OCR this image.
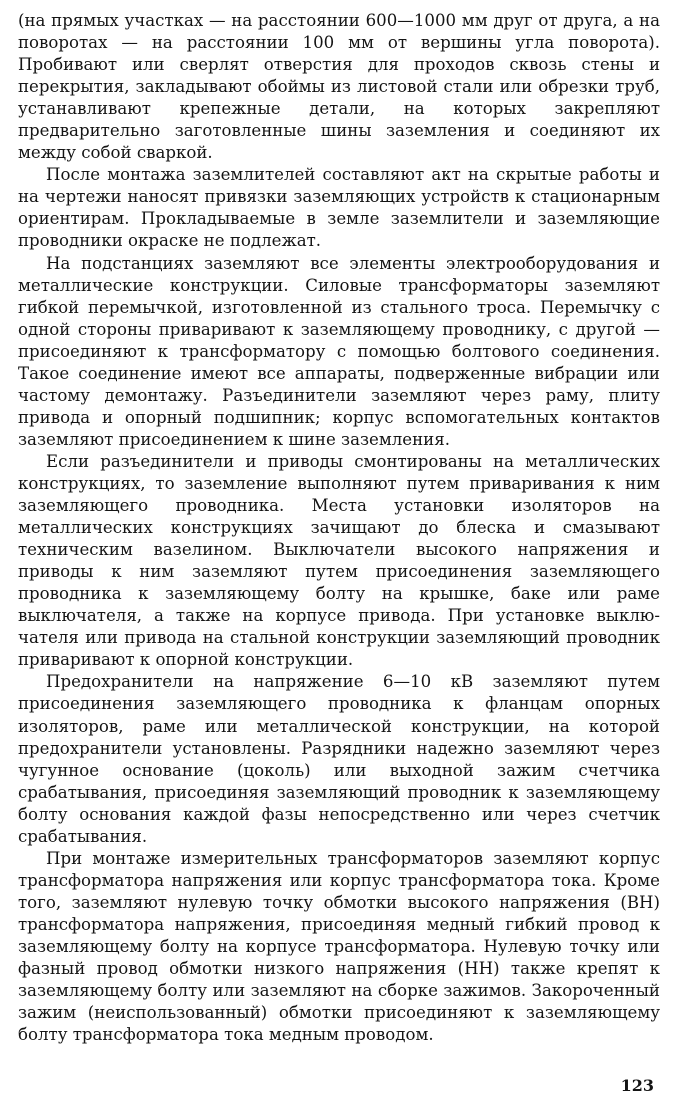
(на прямых участках — на расстоянии 600—1000 мм друг от друга, а на поворотах — на расстоянии 100 мм от вершины угла поворота). Пробивают или сверлят отверстия для проходов сквозь стены и перекрытия, закладывают обоймы из листовой стали или обрезки труб, устанавливают крепежные детали, на которых закрепляют предварительно заготовленные шины заземления и соединяют их между собой сваркой.

После монтажа заземлителей составляют акт на скрытые работы и на чертежи наносят привязки заземляющих устройств к стационарным ориентирам. Прокладываемые в земле заземлители и заземляющие проводники окраске не подлежат.

На подстанциях заземляют все элементы электрооборудования и металлические конструкции. Силовые трансформаторы заземляют гибкой перемычкой, изготовленной из стального троса. Перемычку с одной стороны приваривают к заземляющему проводнику, с другой — присоединяют к трансформатору с помощью болтового соединения. Такое соединение имеют все аппараты, подверженные вибрации или частому демонтажу. Разъединители заземляют через раму, плиту привода и опорный подшипник; корпус вспомогательных контактов заземляют присоединением к шине заземления.

Если разъединители и приводы смонтированы на металлических конструкциях, то заземление выполняют путем приваривания к ним заземляющего проводника. Места установки изоляторов на металлических конструкциях зачищают до блеска и смазывают техническим вазелином. Выключатели высокого напряжения и приводы к ним заземляют путем присоединения заземляющего проводника к заземляющему болту на крышке, баке или раме выключателя, а также на корпусе привода. При установке выключателя или привода на стальной конструкции заземляющий проводник приваривают к опорной конструкции.

Предохранители на напряжение 6—10 кВ заземляют путем присоединения заземляющего проводника к фланцам опорных изоляторов, раме или металлической конструкции, на которой предохранители установлены. Разрядники надежно заземляют через чугунное основание (цоколь) или выходной зажим счетчика срабатывания, присоединяя заземляющий проводник к заземляющему болту основания каждой фазы непосредственно или через счетчик срабатывания.

При монтаже измерительных трансформаторов заземляют корпус трансформатора напряжения или корпус трансформатора тока. Кроме того, заземляют нулевую точку обмотки высокого напряжения (ВН) трансформатора напряжения, присоединяя медный гибкий провод к заземляющему болту на корпусе трансформатора. Нулевую точку или фазный провод обмотки низкого напряжения (НН) также крепят к заземляющему болту или заземляют на сборке зажимов. Закороченный зажим (неиспользованный) обмотки присоединяют к заземляющему болту трансформатора тока медным проводом.

123
